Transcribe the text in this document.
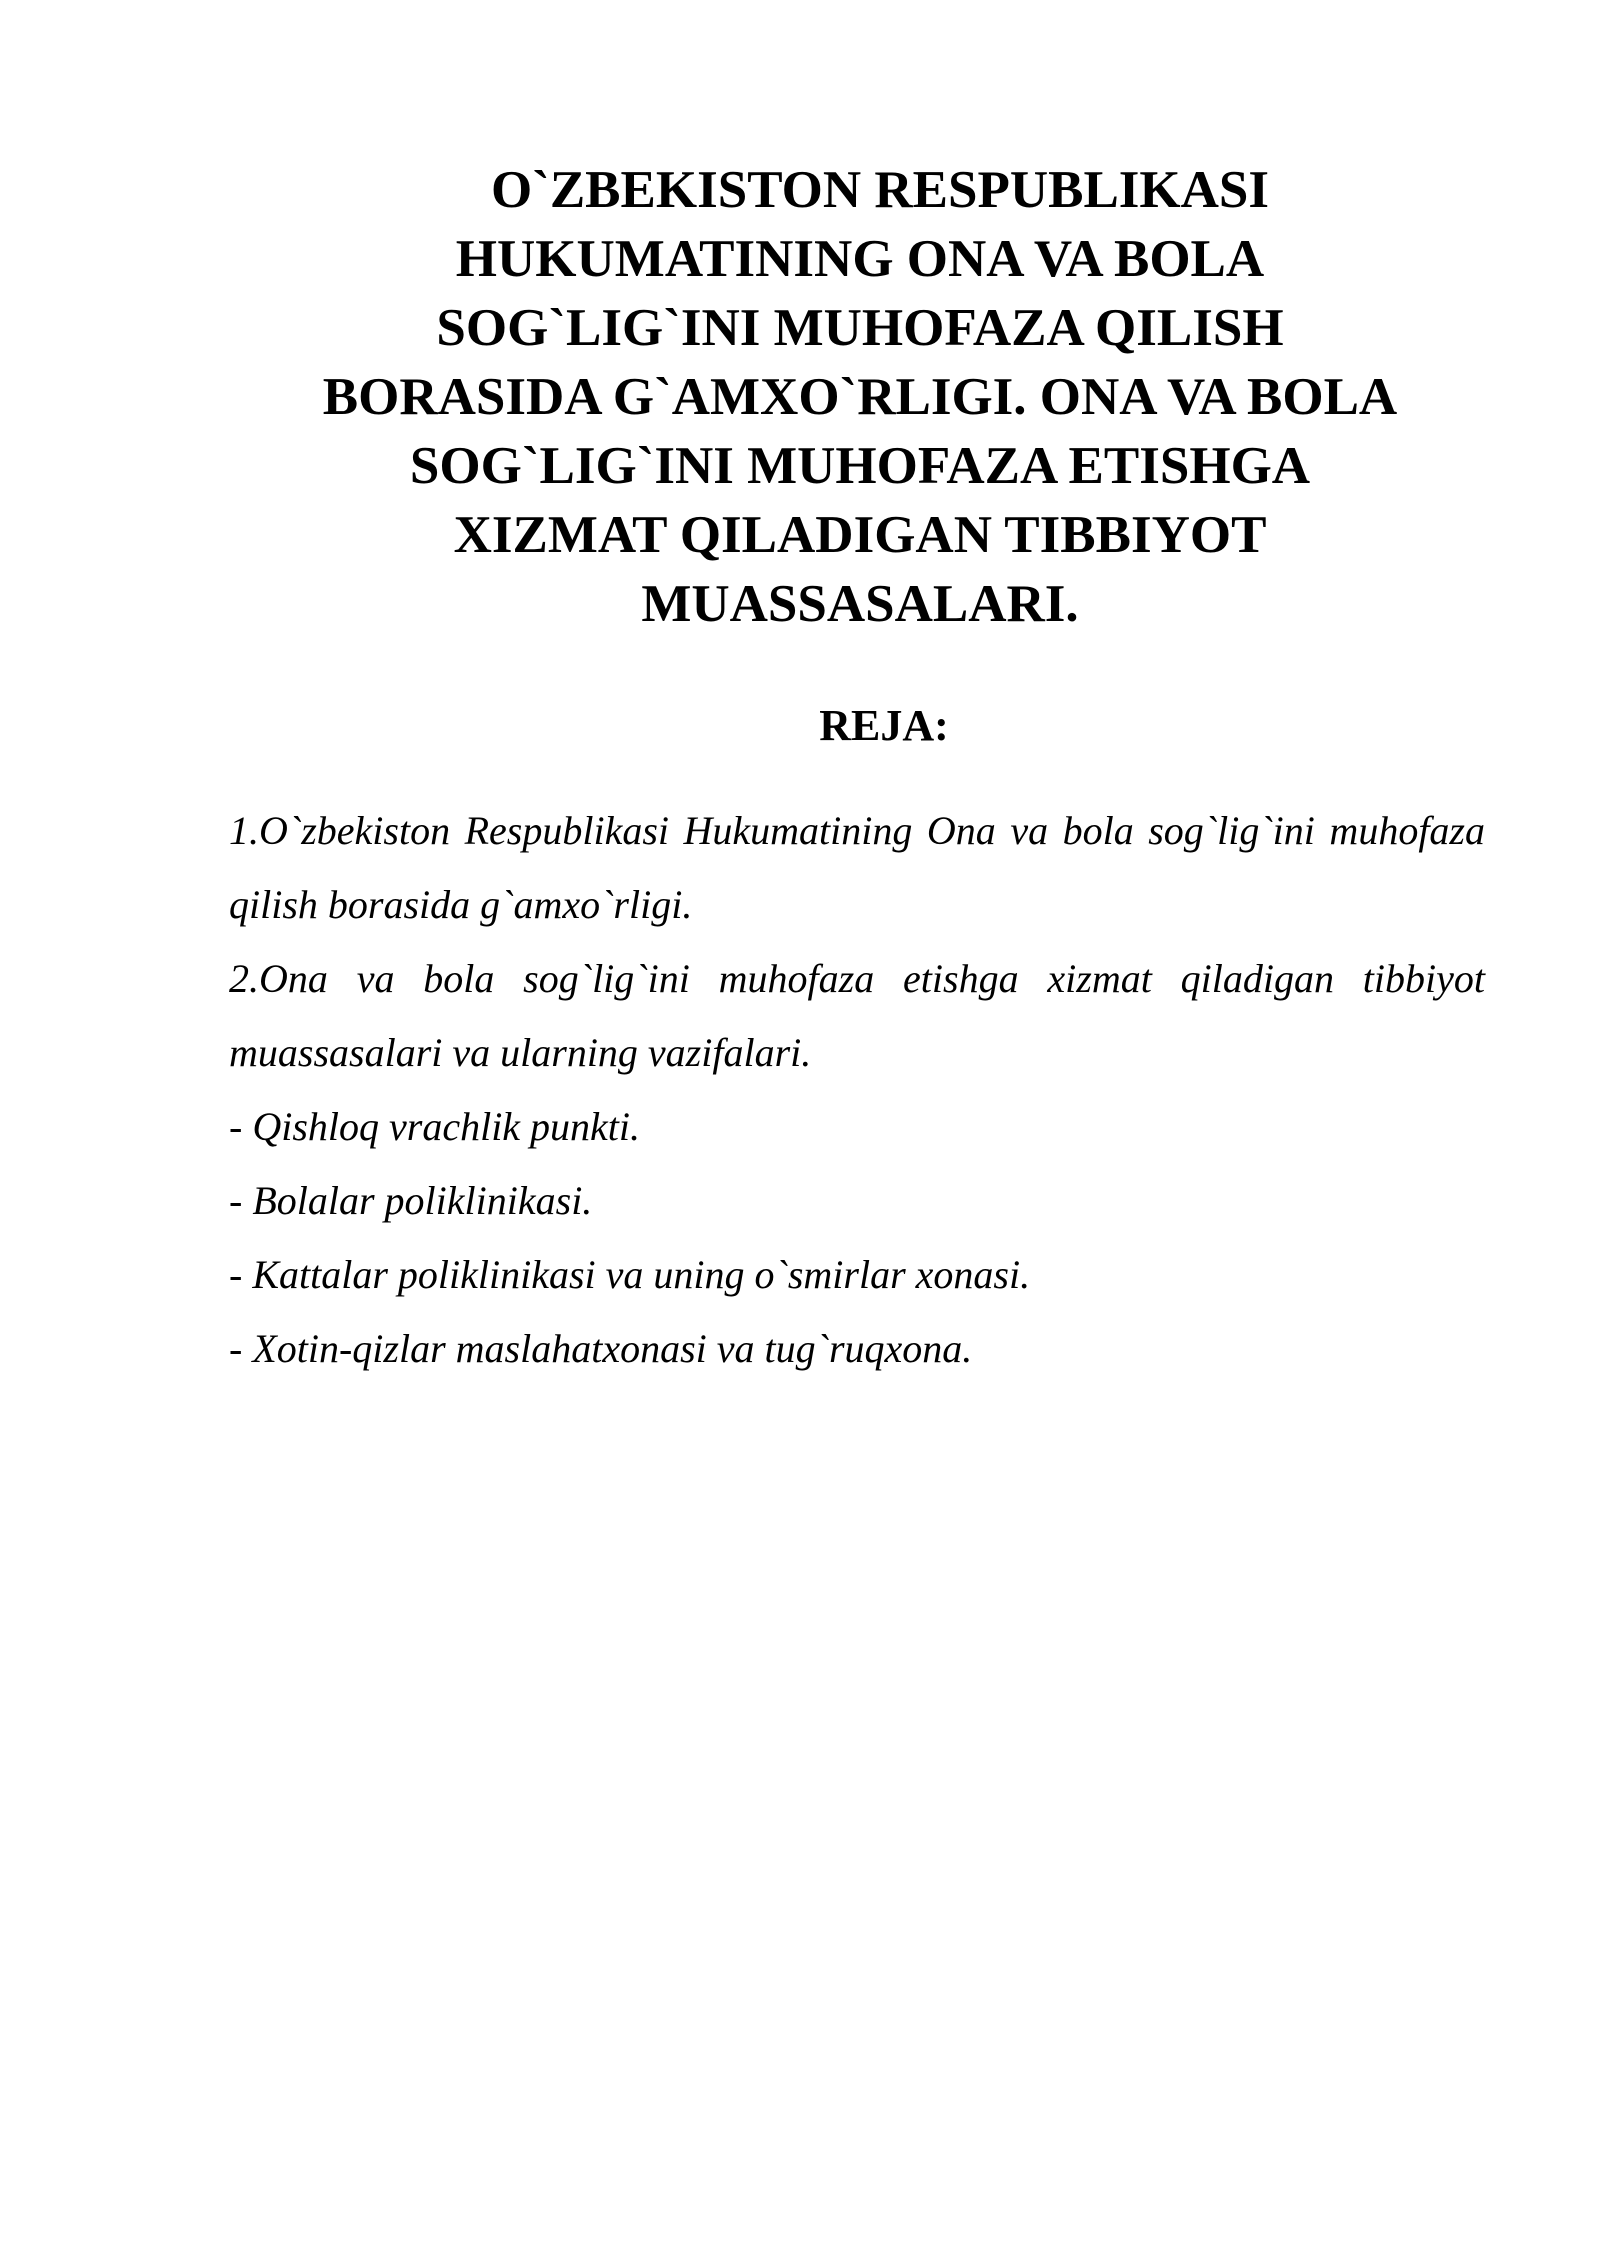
O`ZBEKISTON RESPUBLIKASI
HUKUMATINING ONA VA BOLA
SOG`LIG`INI MUHOFAZA QILISH
BORASIDA G`AMXO`RLIGI. ONA VA BOLA
SOG`LIG`INI MUHOFAZA ETISHGA
XIZMAT QILADIGAN TIBBIYOT
MUASSASALARI.
REJA:

1.O`zbekiston Respublikasi Hukumatining Ona va bola sog`lig`ini muhofaza qilish borasida g`amxo`rligi.

2.Ona va bola sog`lig`ini muhofaza etishga xizmat qiladigan tibbiyot muassasalari va ularning vazifalari.

- Qishloq vrachlik punkti.

- Bolalar poliklinikasi.

- Kattalar poliklinikasi va uning o`smirlar xonasi.

- Xotin-qizlar maslahatxonasi va tug`ruqxona.
